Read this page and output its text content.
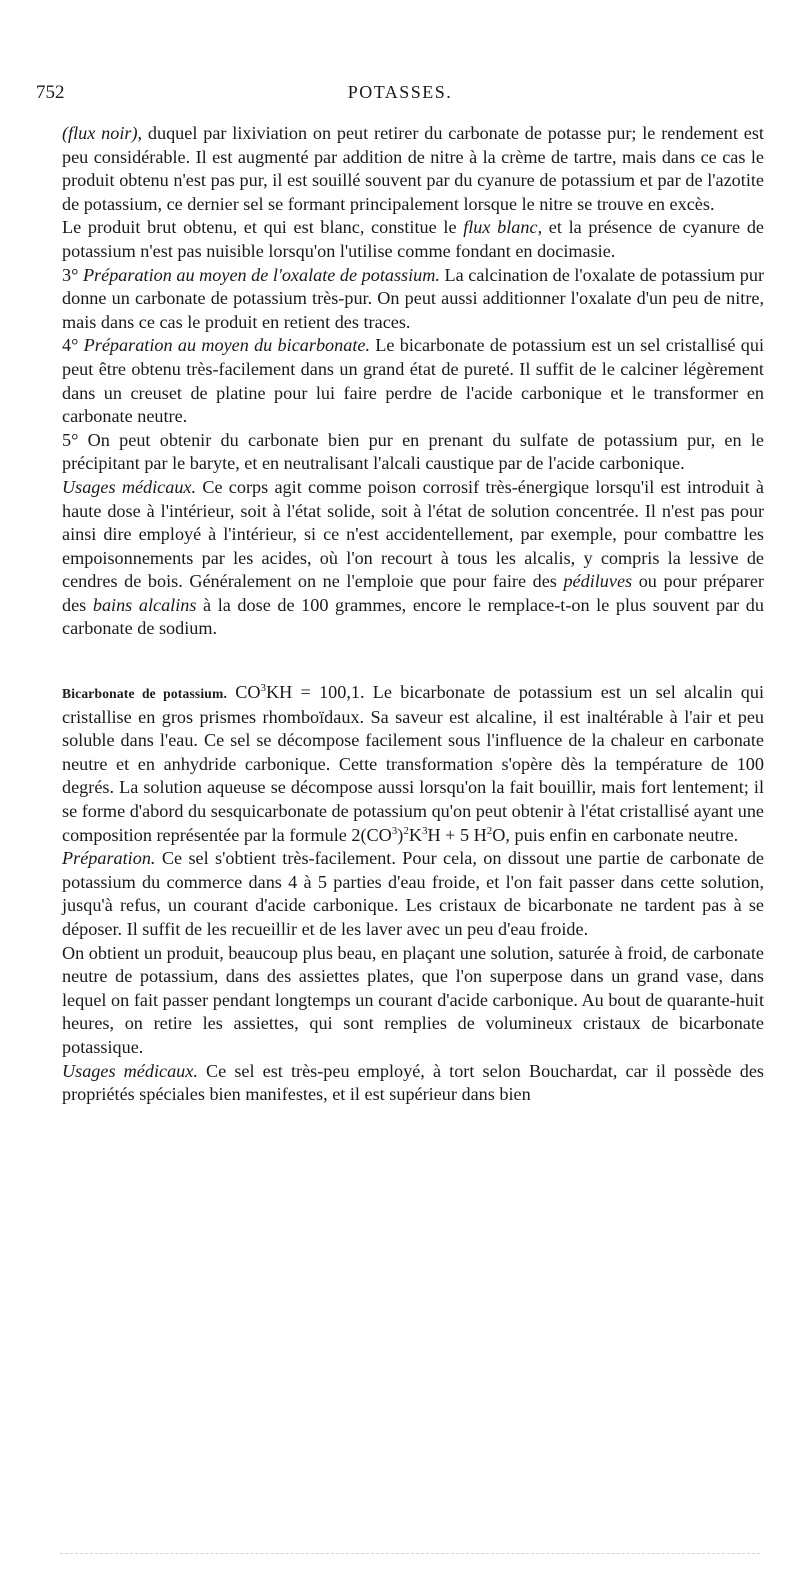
752	POTASSES.

(flux noir), duquel par lixiviation on peut retirer du carbonate de potasse pur; le rendement est peu considérable. Il est augmenté par addition de nitre à la crème de tartre, mais dans ce cas le produit obtenu n'est pas pur, il est souillé souvent par du cyanure de potassium et par de l'azotite de potassium, ce dernier sel se formant principalement lorsque le nitre se trouve en excès.

Le produit brut obtenu, et qui est blanc, constitue le flux blanc, et la présence de cyanure de potassium n'est pas nuisible lorsqu'on l'utilise comme fondant en docimasie.

3° Préparation au moyen de l'oxalate de potassium. La calcination de l'oxalate de potassium pur donne un carbonate de potassium très-pur. On peut aussi additionner l'oxalate d'un peu de nitre, mais dans ce cas le produit en retient des traces.

4° Préparation au moyen du bicarbonate. Le bicarbonate de potassium est un sel cristallisé qui peut être obtenu très-facilement dans un grand état de pureté. Il suffit de le calciner légèrement dans un creuset de platine pour lui faire perdre de l'acide carbonique et le transformer en carbonate neutre.

5° On peut obtenir du carbonate bien pur en prenant du sulfate de potassium pur, en le précipitant par le baryte, et en neutralisant l'alcali caustique par de l'acide carbonique.

Usages médicaux. Ce corps agit comme poison corrosif très-énergique lorsqu'il est introduit à haute dose à l'intérieur, soit à l'état solide, soit à l'état de solution concentrée. Il n'est pas pour ainsi dire employé à l'intérieur, si ce n'est accidentellement, par exemple, pour combattre les empoisonnements par les acides, où l'on recourt à tous les alcalis, y compris la lessive de cendres de bois. Généralement on ne l'emploie que pour faire des pédiluves ou pour préparer des bains alcalins à la dose de 100 grammes, encore le remplace-t-on le plus souvent par du carbonate de sodium.

Bicarbonate de potassium. $CO^3KH = 100,1$. Le bicarbonate de potassium est un sel alcalin qui cristallise en gros prismes rhomboïdaux. Sa saveur est alcaline, il est inaltérable à l'air et peu soluble dans l'eau. Ce sel se décompose facilement sous l'influence de la chaleur en carbonate neutre et en anhydride carbonique. Cette transformation s'opère dès la température de 100 degrés. La solution aqueuse se décompose aussi lorsqu'on la fait bouillir, mais fort lentement; il se forme d'abord du sesquicarbonate de potassium qu'on peut obtenir à l'état cristallisé ayant une composition représentée par la formule $2(CO^3)^2K^3H + 5$ $H^2O$, puis enfin en carbonate neutre.

Préparation. Ce sel s'obtient très-facilement. Pour cela, on dissout une partie de carbonate de potassium du commerce dans 4 à 5 parties d'eau froide, et l'on fait passer dans cette solution, jusqu'à refus, un courant d'acide carbonique. Les cristaux de bicarbonate ne tardent pas à se déposer. Il suffit de les recueillir et de les laver avec un peu d'eau froide.

On obtient un produit, beaucoup plus beau, en plaçant une solution, saturée à froid, de carbonate neutre de potassium, dans des assiettes plates, que l'on superpose dans un grand vase, dans lequel on fait passer pendant longtemps un courant d'acide carbonique. Au bout de quarante-huit heures, on retire les assiettes, qui sont remplies de volumineux cristaux de bicarbonate potassique.

Usages médicaux. Ce sel est très-peu employé, à tort selon Bouchardat, car il possède des propriétés spéciales bien manifestes, et il est supérieur dans bien
